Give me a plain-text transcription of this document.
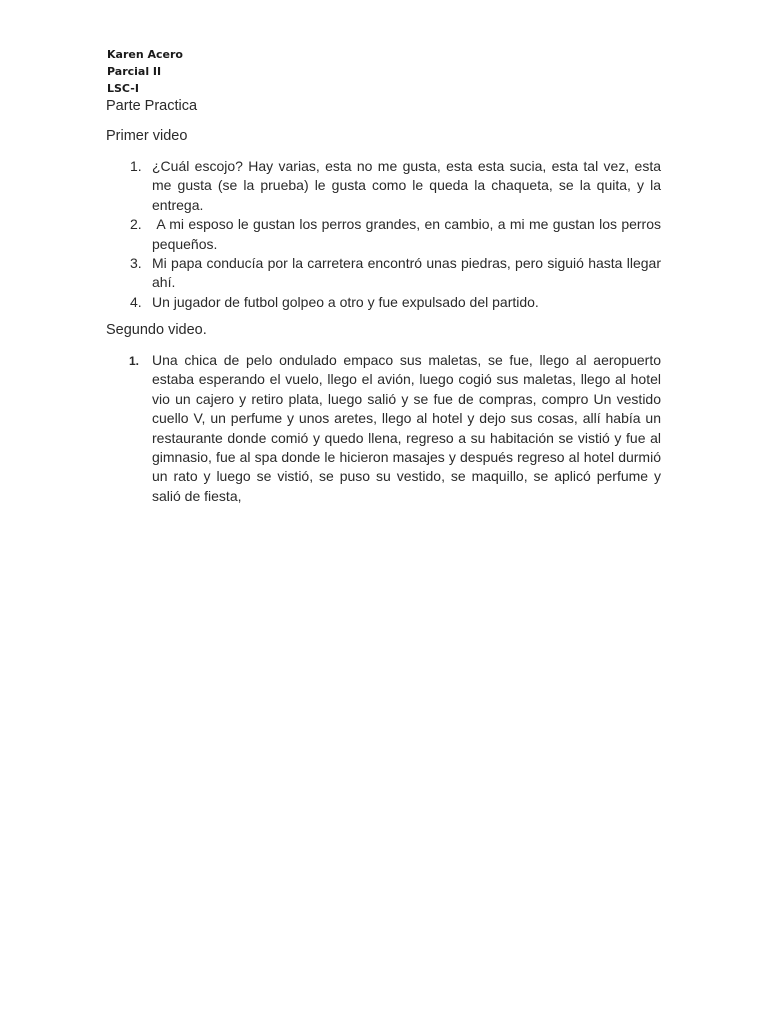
Karen Acero
Parcial II
LSC-I
Parte Practica
Primer video
1. ¿Cuál escojo? Hay varias, esta no me gusta, esta esta sucia, esta tal vez, esta me gusta (se la prueba) le gusta como le queda la chaqueta, se la quita, y la entrega.
2. A mi esposo le gustan los perros grandes, en cambio, a mi me gustan los perros pequeños.
3. Mi papa conducía por la carretera encontró unas piedras, pero siguió hasta llegar ahí.
4. Un jugador de futbol golpeo a otro y fue expulsado del partido.
Segundo video.
1. Una chica de pelo ondulado empaco sus maletas, se fue, llego al aeropuerto estaba esperando el vuelo, llego el avión, luego cogió sus maletas, llego al hotel vio un cajero y retiro plata, luego salió y se fue de compras, compro Un vestido cuello V, un perfume y unos aretes, llego al hotel y dejo sus cosas, allí había un restaurante donde comió y quedo llena, regreso a su habitación se vistió y fue al gimnasio, fue al spa donde le hicieron masajes y después regreso al hotel durmió un rato y luego se vistió, se puso su vestido, se maquillo, se aplicó perfume y salió de fiesta,
